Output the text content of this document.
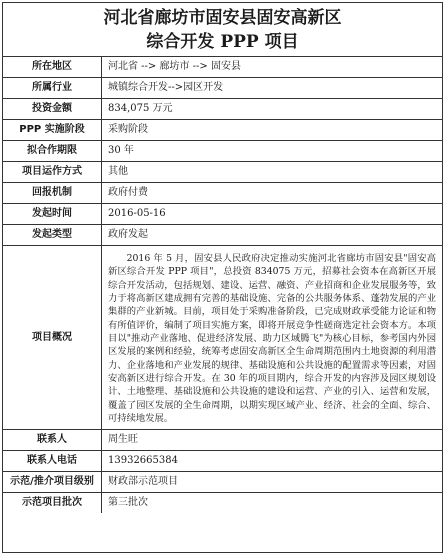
河北省廊坊市固安县固安高新区
综合开发 PPP 项目
所在地区	河北省 --> 廊坊市 --> 固安县
所属行业	城镇综合开发-->园区开发
投资金额	834,075 万元
PPP 实施阶段	采购阶段
拟合作期限	30 年
项目运作方式	其他
回报机制	政府付费
发起时间	2016-05-16
发起类型	政府发起
项目概况	2016 年 5 月，固安县人民政府决定推动实施河北省廊坊市固安县"固安高新区综合开发 PPP 项目"，总投资 834075 万元，招募社会资本在高新区开展综合开发活动，包括规划、建设、运营、融资、产业招商和企业发展服务等，致力于将高新区建成拥有完善的基础设施、完备的公共服务体系、蓬勃发展的产业集群的产业新城。目前，项目处于采购准备阶段，已完成财政承受能力论证和物有所值评价，编制了项目实施方案，即将开展竞争性磋商选定社会资本方。本项目以"推动产业落地、促进经济发展、助力区域腾飞"为核心目标，参考国内外园区发展的案例和经验，统筹考虑固安高新区全生命周期范围内土地资源的利用潜力、企业落地和产业发展的规律、基础设施和公共设施的配置需求等因素，对固安高新区进行综合开发。在 30 年的项目期内，综合开发的内容涉及园区规划设计、土地整理、基础设施和公共设施的建设和运营、产业的引入、运营和发展，覆盖了园区发展的全生命周期，以期实现区域产业、经济、社会的全面、综合、可持续地发展。

联系人	周生旺
联系人电话	13932665384
示范/推介项目级别	财政部示范项目
示范项目批次	第三批次
